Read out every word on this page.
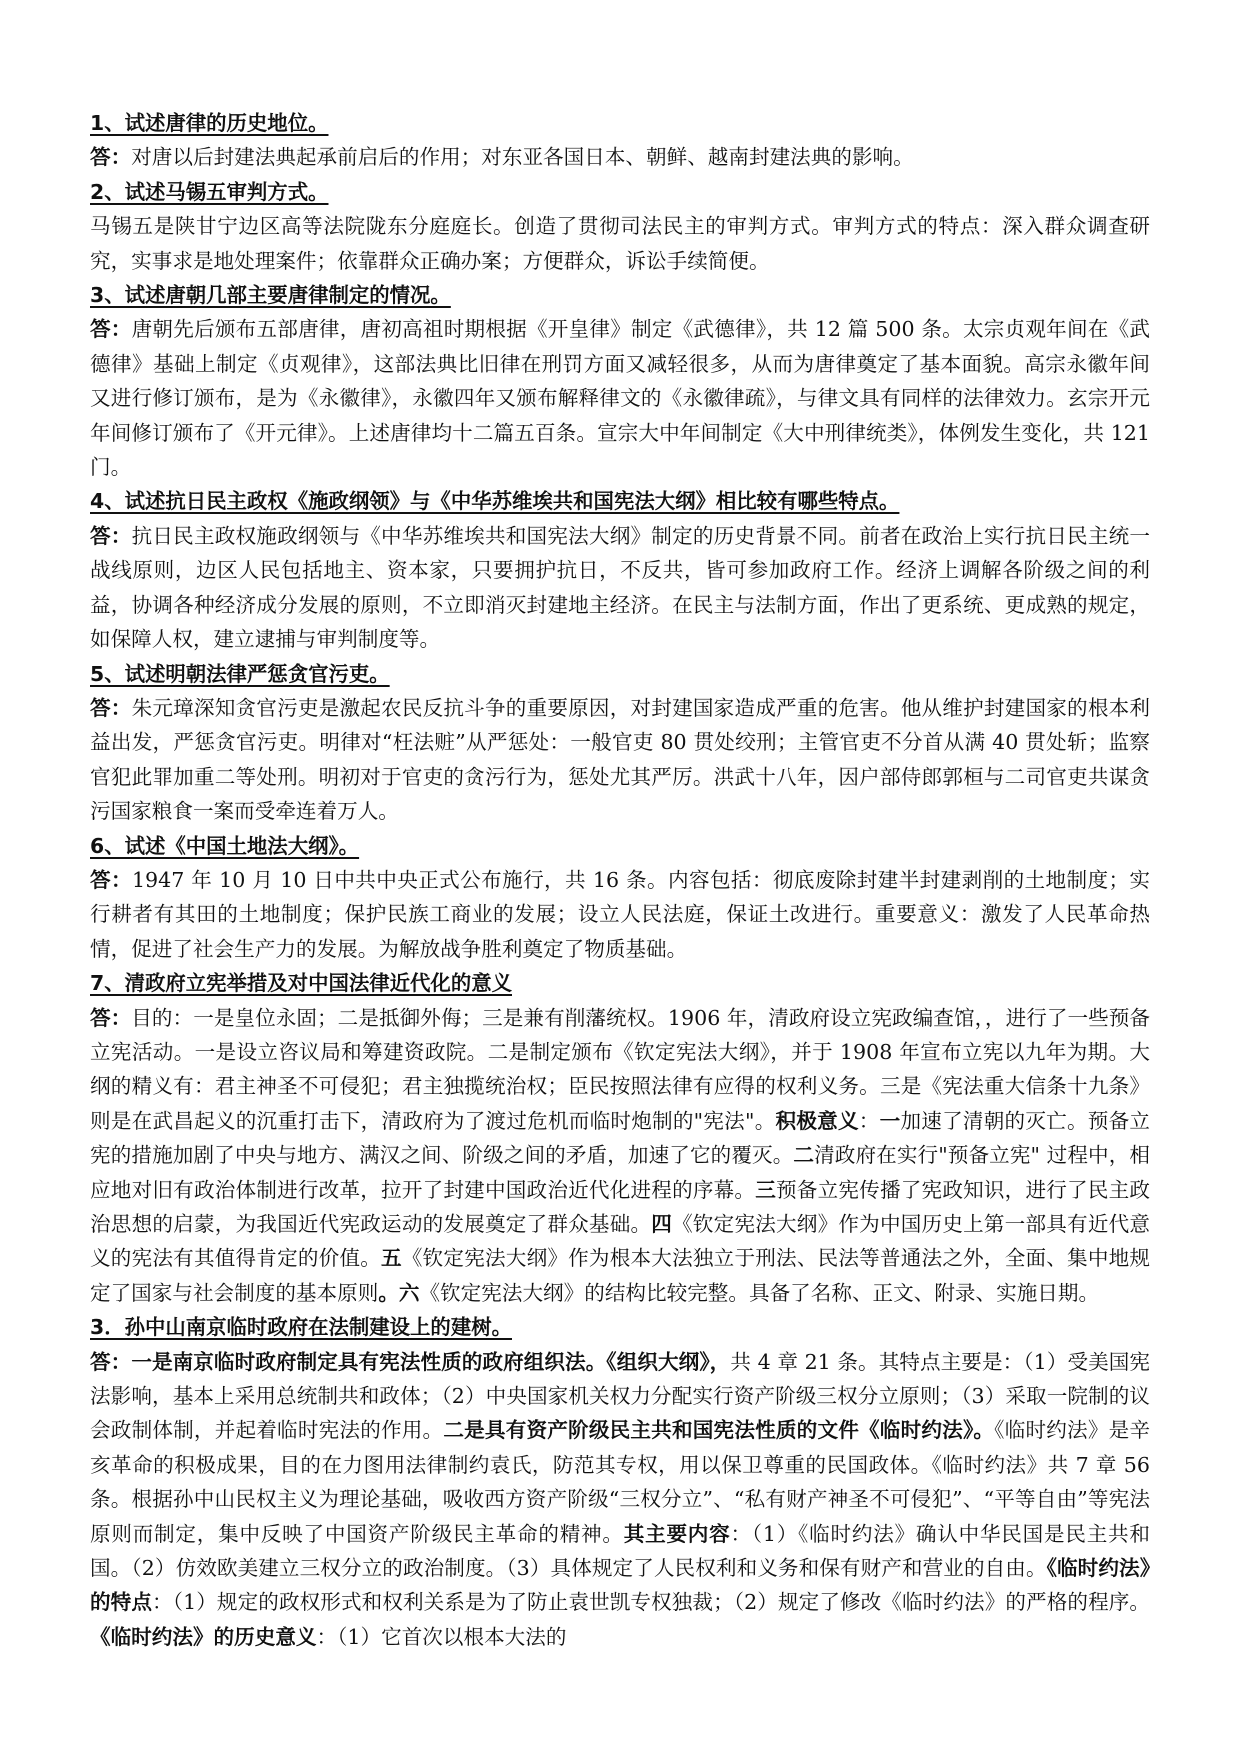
1、试述唐律的历史地位。

答：对唐以后封建法典起承前启后的作用；对东亚各国日本、朝鲜、越南封建法典的影响。

2、试述马锡五审判方式。

马锡五是陕甘宁边区高等法院陇东分庭庭长。创造了贯彻司法民主的审判方式。审判方式的特点：深入群众调查研究，实事求是地处理案件；依靠群众正确办案；方便群众，诉讼手续简便。

3、试述唐朝几部主要唐律制定的情况。

答：唐朝先后颁布五部唐律，唐初高祖时期根据《开皇律》制定《武德律》，共 12 篇 500 条。太宗贞观年间在《武德律》基础上制定《贞观律》，这部法典比旧律在刑罚方面又减轻很多，从而为唐律奠定了基本面貌。高宗永徽年间又进行修订颁布，是为《永徽律》，永徽四年又颁布解释律文的《永徽律疏》，与律文具有同样的法律效力。玄宗开元年间修订颁布了《开元律》。上述唐律均十二篇五百条。宣宗大中年间制定《大中刑律统类》，体例发生变化，共 121 门。

4、试述抗日民主政权《施政纲领》与《中华苏维埃共和国宪法大纲》相比较有哪些特点。

答：抗日民主政权施政纲领与《中华苏维埃共和国宪法大纲》制定的历史背景不同。前者在政治上实行抗日民主统一战线原则，边区人民包括地主、资本家，只要拥护抗日，不反共，皆可参加政府工作。经济上调解各阶级之间的利益，协调各种经济成分发展的原则，不立即消灭封建地主经济。在民主与法制方面，作出了更系统、更成熟的规定，如保障人权，建立逮捕与审判制度等。

5、试述明朝法律严惩贪官污吏。

答：朱元璋深知贪官污吏是激起农民反抗斗争的重要原因，对封建国家造成严重的危害。他从维护封建国家的根本利益出发，严惩贪官污吏。明律对“枉法赃”从严惩处：一般官吏 80 贯处绞刑；主管官吏不分首从满 40 贯处斩；监察官犯此罪加重二等处刑。明初对于官吏的贪污行为，惩处尤其严厉。洪武十八年，因户部侍郎郭桓与二司官吏共谋贪污国家粮食一案而受牵连着万人。

6、试述《中国土地法大纲》。

答：1947 年 10 月 10 日中共中央正式公布施行，共 16 条。内容包括：彻底废除封建半封建剥削的土地制度；实行耕者有其田的土地制度；保护民族工商业的发展；设立人民法庭，保证土改进行。重要意义：激发了人民革命热情，促进了社会生产力的发展。为解放战争胜利奠定了物质基础。

7、清政府立宪举措及对中国法律近代化的意义

答：目的：一是皇位永固；二是抵御外侮；三是兼有削藩统权。1906 年，清政府设立宪政编查馆，，进行了一些预备立宪活动。一是设立咨议局和筹建资政院。二是制定颁布《钦定宪法大纲》，并于 1908 年宣布立宪以九年为期。大纲的精义有：君主神圣不可侵犯；君主独揽统治权；臣民按照法律有应得的权利义务。三是《宪法重大信条十九条》则是在武昌起义的沉重打击下，清政府为了渡过危机而临时炮制的"宪法"。积极意义：一加速了清朝的灭亡。预备立宪的措施加剧了中央与地方、满汉之间、阶级之间的矛盾，加速了它的覆灭。二清政府在实行"预备立宪" 过程中，相应地对旧有政治体制进行改革，拉开了封建中国政治近代化进程的序幕。三预备立宪传播了宪政知识，进行了民主政治思想的启蒙，为我国近代宪政运动的发展奠定了群众基础。四《钦定宪法大纲》作为中国历史上第一部具有近代意义的宪法有其值得肯定的价值。五《钦定宪法大纲》作为根本大法独立于刑法、民法等普通法之外，全面、集中地规定了国家与社会制度的基本原则。六《钦定宪法大纲》的结构比较完整。具备了名称、正文、附录、实施日期。

3．孙中山南京临时政府在法制建设上的建树。

答：一是南京临时政府制定具有宪法性质的政府组织法。《组织大纲》，共 4 章 21 条。其特点主要是：（1）受美国宪法影响，基本上采用总统制共和政体；（2）中央国家机关权力分配实行资产阶级三权分立原则；（3）采取一院制的议会政制体制，并起着临时宪法的作用。二是具有资产阶级民主共和国宪法性质的文件《临时约法》。《临时约法》是辛亥革命的积极成果，目的在力图用法律制约袁氏，防范其专权，用以保卫尊重的民国政体。《临时约法》共 7 章 56 条。根据孙中山民权主义为理论基础，吸收西方资产阶级“三权分立”、“私有财产神圣不可侵犯”、“平等自由”等宪法原则而制定，集中反映了中国资产阶级民主革命的精神。其主要内容：（1）《临时约法》确认中华民国是民主共和国。（2）仿效欧美建立三权分立的政治制度。（3）具体规定了人民权利和义务和保有财产和营业的自由。《临时约法》的特点：（1）规定的政权形式和权利关系是为了防止袁世凯专权独裁；（2）规定了修改《临时约法》的严格的程序。《临时约法》的历史意义：（1）它首次以根本大法的
